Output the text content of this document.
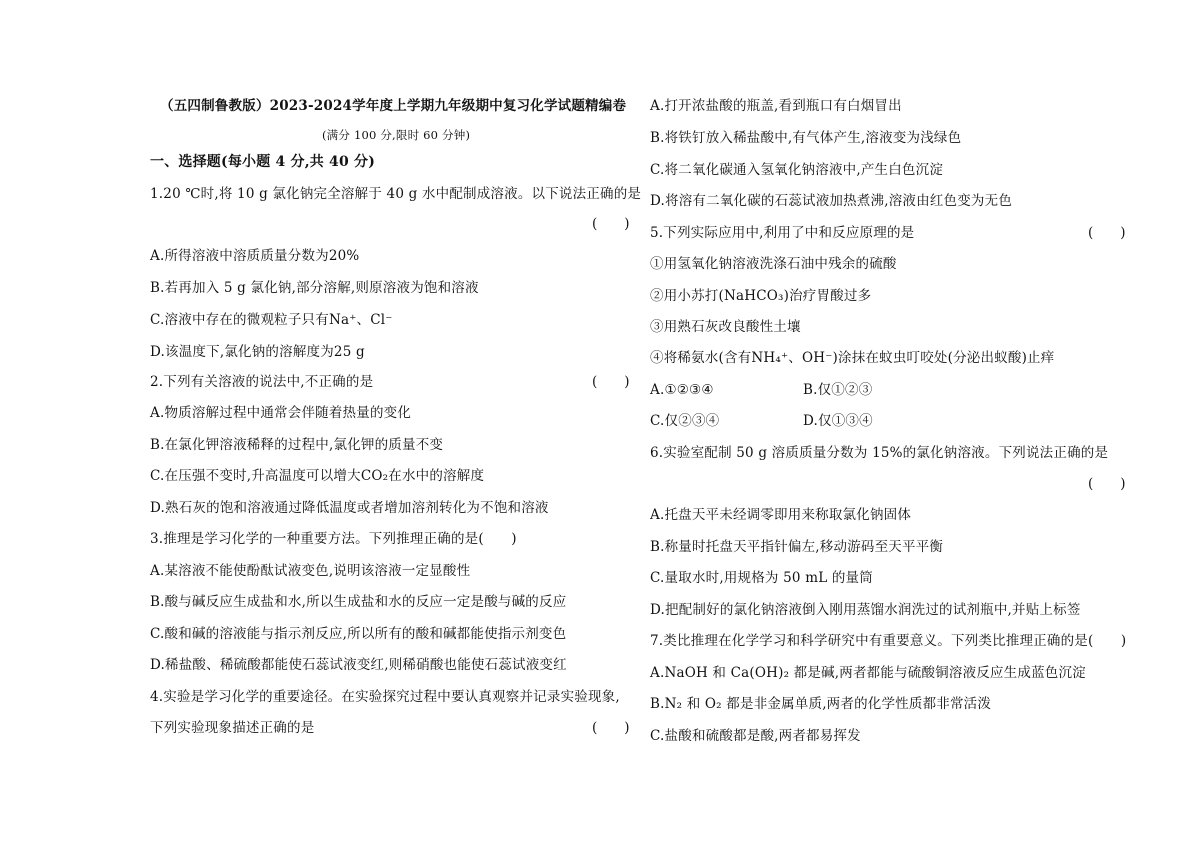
（五四制鲁教版）2023-2024学年度上学期九年级期中复习化学试题精编卷
(满分 100 分,限时 60 分钟)
一、选择题(每小题 4 分,共 40 分)
1.20 ℃时,将 10 g 氯化钠完全溶解于 40 g 水中配制成溶液。以下说法正确的是
(　　)
A.所得溶液中溶质质量分数为20%
B.若再加入 5 g 氯化钠,部分溶解,则原溶液为饱和溶液
C.溶液中存在的微观粒子只有Na⁺、Cl⁻
D.该温度下,氯化钠的溶解度为25 g
2.下列有关溶液的说法中,不正确的是	(　　)
A.物质溶解过程中通常会伴随着热量的变化
B.在氯化钾溶液稀释的过程中,氯化钾的质量不变
C.在压强不变时,升高温度可以增大CO₂在水中的溶解度
D.熟石灰的饱和溶液通过降低温度或者增加溶剂转化为不饱和溶液
3.推理是学习化学的一种重要方法。下列推理正确的是(　　)
A.某溶液不能使酚酞试液变色,说明该溶液一定显酸性
B.酸与碱反应生成盐和水,所以生成盐和水的反应一定是酸与碱的反应
C.酸和碱的溶液能与指示剂反应,所以所有的酸和碱都能使指示剂变色
D.稀盐酸、稀硫酸都能使石蕊试液变红,则稀硝酸也能使石蕊试液变红
4.实验是学习化学的重要途径。在实验探究过程中要认真观察并记录实验现象,
下列实验现象描述正确的是	(　　)
A.打开浓盐酸的瓶盖,看到瓶口有白烟冒出
B.将铁钉放入稀盐酸中,有气体产生,溶液变为浅绿色
C.将二氧化碳通入氢氧化钠溶液中,产生白色沉淀
D.将溶有二氧化碳的石蕊试液加热煮沸,溶液由红色变为无色
5.下列实际应用中,利用了中和反应原理的是	(　　)
①用氢氧化钠溶液洗涤石油中残余的硫酸
②用小苏打(NaHCO₃)治疗胃酸过多
③用熟石灰改良酸性土壤
④将稀氨水(含有NH₄⁺、OH⁻)涂抹在蚊虫叮咬处(分泌出蚁酸)止痒
A.①②③④	B.仅①②③
C.仅②③④	D.仅①③④
6.实验室配制 50 g 溶质质量分数为 15%的氯化钠溶液。下列说法正确的是
(　　)
A.托盘天平未经调零即用来称取氯化钠固体
B.称量时托盘天平指针偏左,移动游码至天平平衡
C.量取水时,用规格为 50 mL 的量筒
D.把配制好的氯化钠溶液倒入刚用蒸馏水润洗过的试剂瓶中,并贴上标签
7.类比推理在化学学习和科学研究中有重要意义。下列类比推理正确的是(　　)
A.NaOH 和 Ca(OH)₂ 都是碱,两者都能与硫酸铜溶液反应生成蓝色沉淀
B.N₂ 和 O₂ 都是非金属单质,两者的化学性质都非常活泼
C.盐酸和硫酸都是酸,两者都易挥发
